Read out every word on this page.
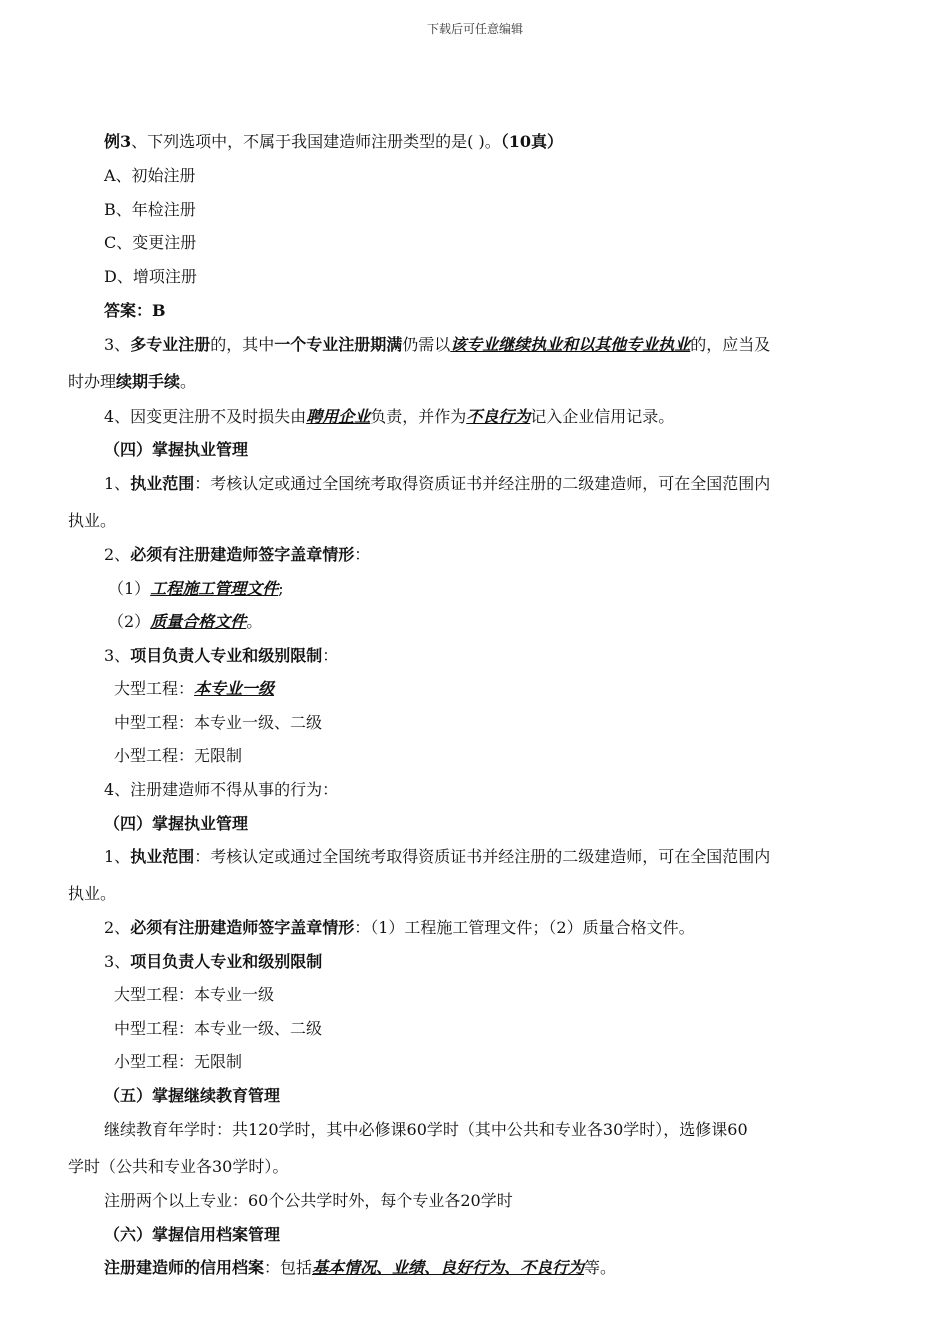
下载后可任意编辑
例3、下列选项中，不属于我国建造师注册类型的是( )。（10真）
A、初始注册
B、年检注册
C、变更注册
D、增项注册
答案：B
3、多专业注册的，其中一个专业注册期满仍需以该专业继续执业和以其他专业执业的，应当及
时办理续期手续。
4、因变更注册不及时损失由聘用企业负责，并作为不良行为记入企业信用记录。
（四）掌握执业管理
1、执业范围：考核认定或通过全国统考取得资质证书并经注册的二级建造师，可在全国范围内
执业。
2、必须有注册建造师签字盖章情形：
（1）工程施工管理文件;
（2）质量合格文件。
3、项目负责人专业和级别限制：
大型工程：本专业一级
中型工程：本专业一级、二级
小型工程：无限制
4、注册建造师不得从事的行为：
（四）掌握执业管理
1、执业范围：考核认定或通过全国统考取得资质证书并经注册的二级建造师，可在全国范围内
执业。
2、必须有注册建造师签字盖章情形：（1）工程施工管理文件；（2）质量合格文件。
3、项目负责人专业和级别限制
大型工程：本专业一级
中型工程：本专业一级、二级
小型工程：无限制
（五）掌握继续教育管理
继续教育年学时：共120学时，其中必修课60学时（其中公共和专业各30学时），选修课60
学时（公共和专业各30学时）。
注册两个以上专业：60个公共学时外，每个专业各20学时
（六）掌握信用档案管理
注册建造师的信用档案：包括基本情况、业绩、良好行为、不良行为等。
